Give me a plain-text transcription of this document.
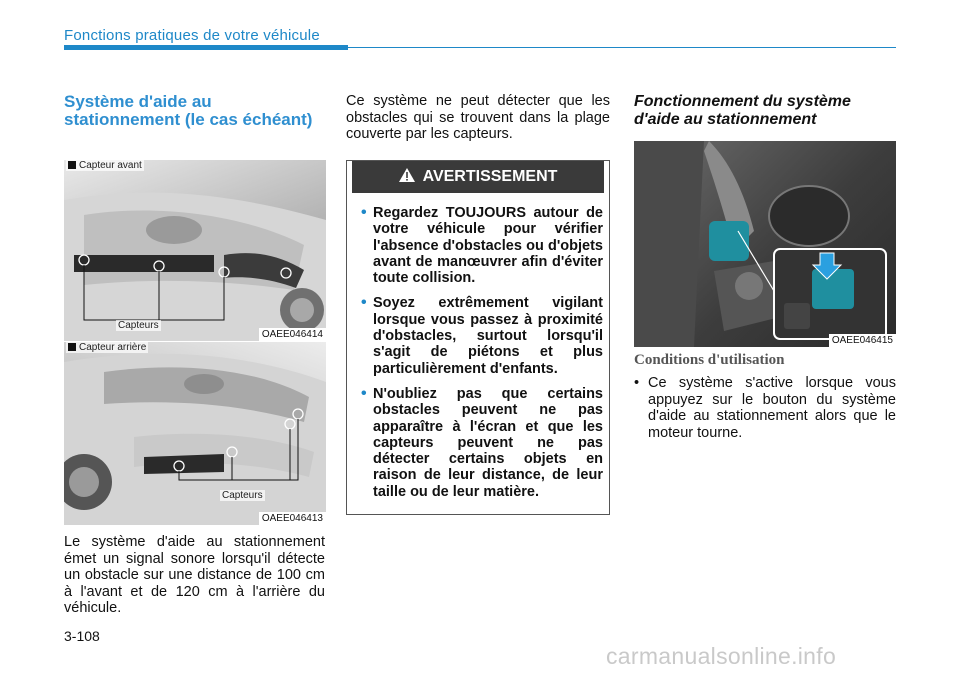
Fonctions pratiques de votre véhicule
Système d'aide au stationnement (le cas échéant)
Capteur avant
Capteurs
OAEE046414
Capteur arrière
Capteurs
OAEE046413
Le système d'aide au stationnement émet un signal sonore lorsqu'il détecte un obstacle sur une distance de 100 cm à l'avant et de 120 cm à l'arrière du véhicule.
Ce système ne peut détecter que les obstacles qui se trouvent dans la plage couverte par les capteurs.
AVERTISSEMENT
• Regardez TOUJOURS autour de votre véhicule pour vérifier l'absence d'obstacles ou d'objets avant de manœuvrer afin d'éviter toute collision.
• Soyez extrêmement vigilant lorsque vous passez à proximité d'obstacles, surtout lorsqu'il s'agit de piétons et plus particulièrement d'enfants.
• N'oubliez pas que certains obstacles peuvent ne pas apparaître à l'écran et que les capteurs peuvent ne pas détecter certains objets en raison de leur distance, de leur taille ou de leur matière.
Fonctionnement du système d'aide au stationnement
OAEE046415
Conditions d'utilisation
• Ce système s'active lorsque vous appuyez sur le bouton du système d'aide au stationnement alors que le moteur tourne.
3-108
carmanualsonline.info
